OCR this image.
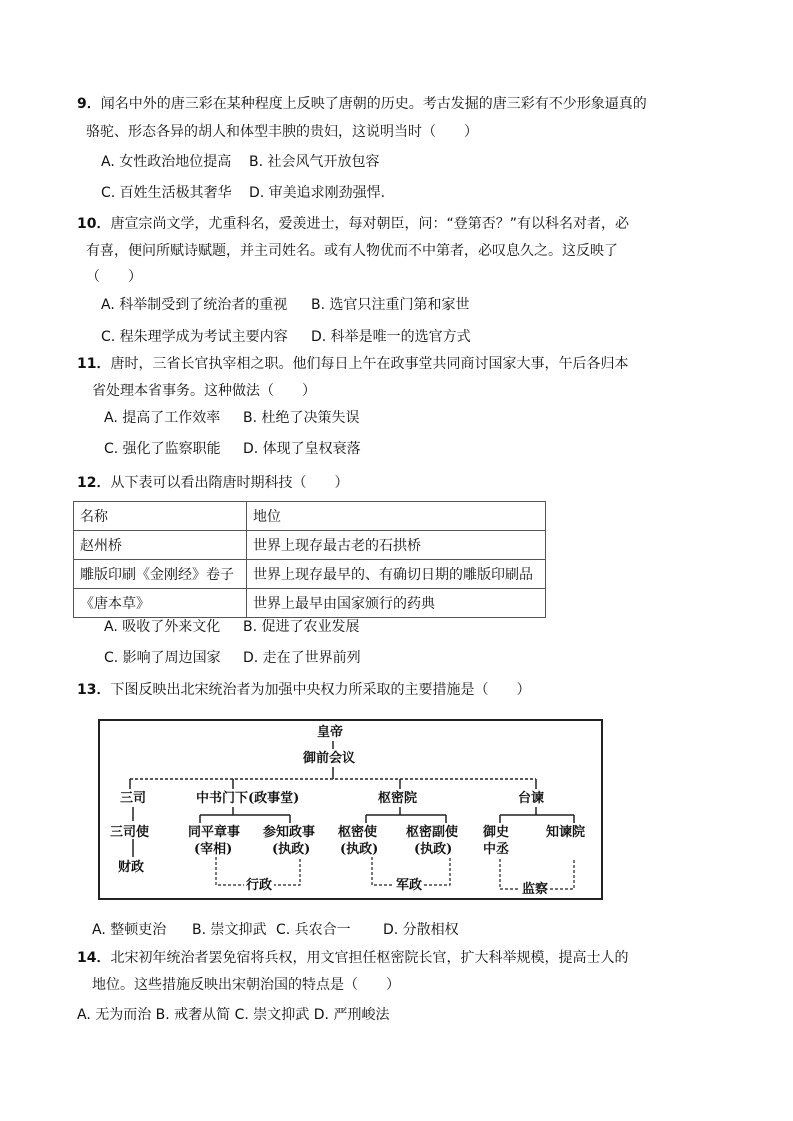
9．闻名中外的唐三彩在某种程度上反映了唐朝的历史。考古发掘的唐三彩有不少形象逼真的
骆驼、形态各异的胡人和体型丰腴的贵妇，这说明当时（　　）
A. 女性政治地位提高 B. 社会风气开放包容
C. 百姓生活极其奢华 D. 审美追求刚劲强悍.
10．唐宣宗尚文学，尤重科名，爱羡进士，每对朝臣，问：“登第否？”有以科名对者，必
有喜，便问所赋诗赋题，并主司姓名。或有人物优而不中第者，必叹息久之。这反映了
（　　）
A. 科举制受到了统治者的重视 B. 选官只注重门第和家世
C. 程朱理学成为考试主要内容 D. 科举是唯一的选官方式
11．唐时，三省长官执宰相之职。他们每日上午在政事堂共同商讨国家大事，午后各归本
省处理本省事务。这种做法（　　）
A. 提高了工作效率 B. 杜绝了决策失误
C. 强化了监察职能 D. 体现了皇权衰落
12．从下表可以看出隋唐时期科技（　　）
名称	地位
赵州桥	世界上现存最古老的石拱桥
雕版印刷《金刚经》卷子	世界上现存最早的、有确切日期的雕版印刷品
《唐本草》	世界上最早由国家颁行的药典
A. 吸收了外来文化 B. 促进了农业发展
C. 影响了周边国家 D. 走在了世界前列
13．下图反映出北宋统治者为加强中央权力所采取的主要措施是（　　）
皇帝
御前会议
三司	中书门下(政事堂)	枢密院	台谏
三司使
财政
同平章事
(宰相)
参知政事
(执政)
枢密使
(执政)
枢密副使
(执政)
御史
中丞
知谏院
行政	军政	监察
A. 整顿吏治 B. 崇文抑武 C. 兵农合一 D. 分散相权
14．北宋初年统治者罢免宿将兵权，用文官担任枢密院长官，扩大科举规模，提高士人的
地位。这些措施反映出宋朝治国的特点是（　　）
A. 无为而治 B. 戒奢从简 C. 崇文抑武 D. 严刑峻法
